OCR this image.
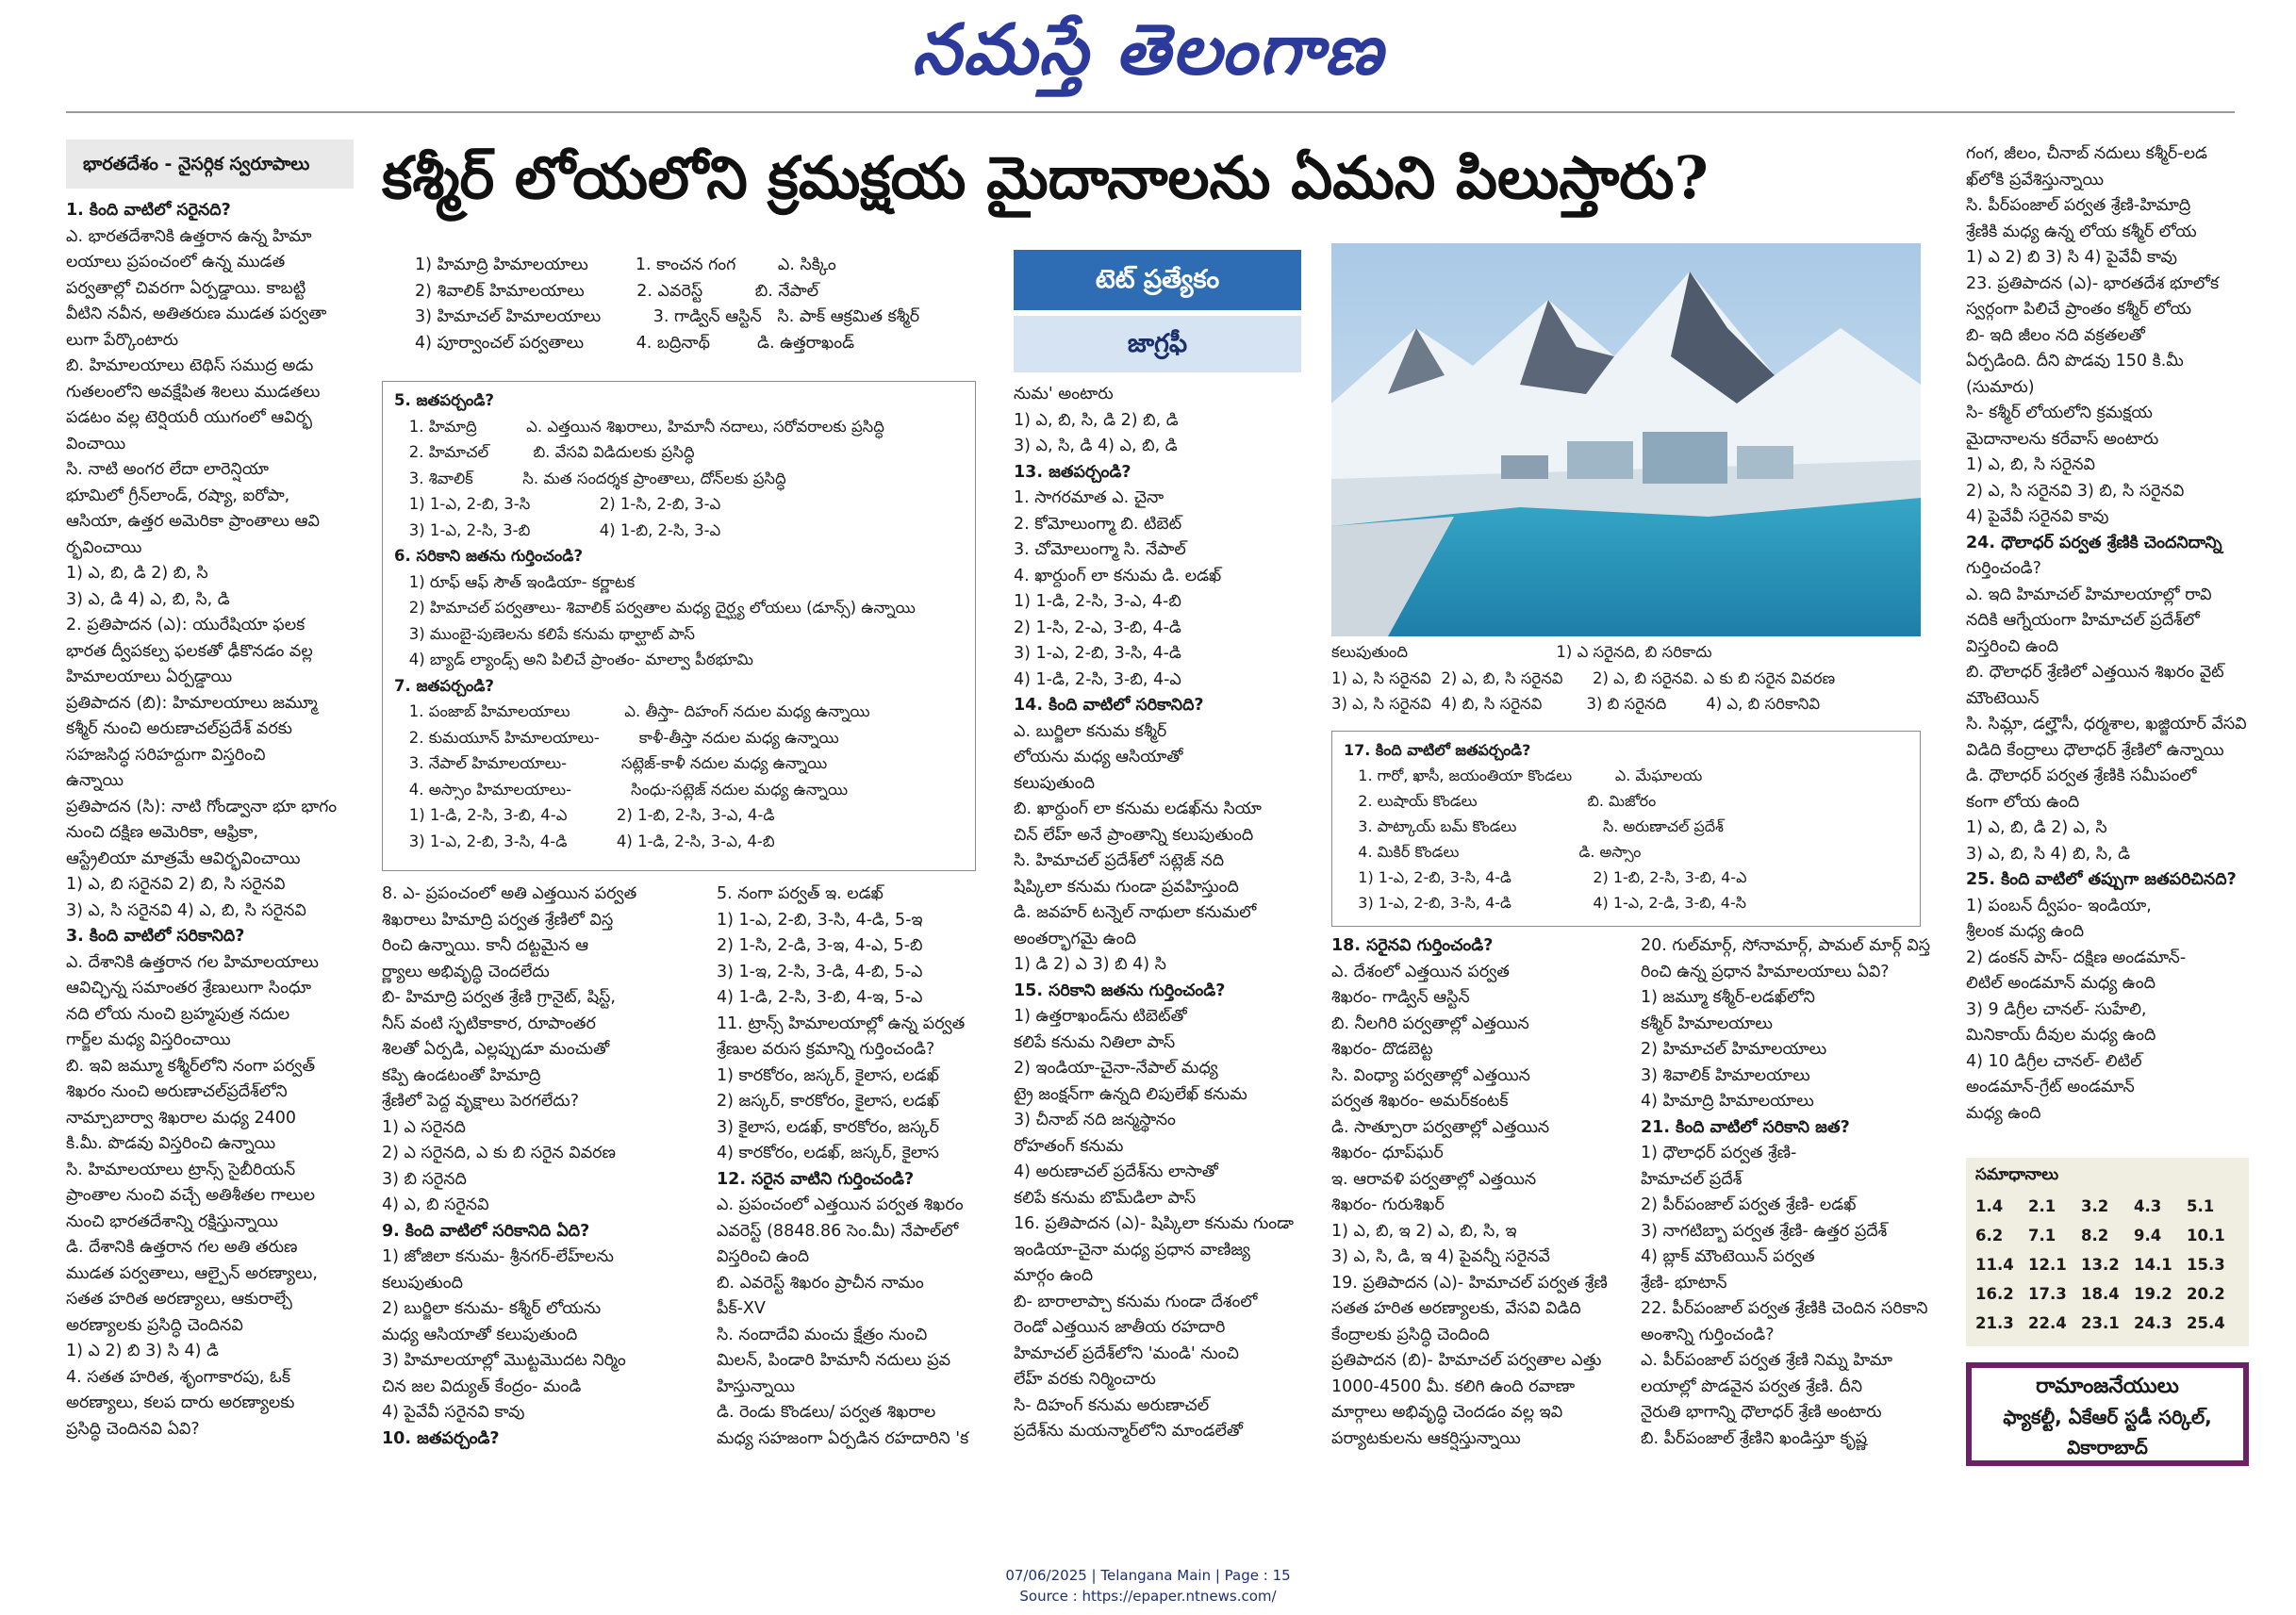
నమస్తే తెలంగాణ
భారతదేశం - నైసర్గిక స్వరూపాలు	కశ్మీర్ లోయలోని క్రమక్షయ మైదానాలను ఏమని పిలుస్తారు?

1. కింది వాటిలో సరైనది?

ఎ. భారతదేశానికి ఉత్తరాన ఉన్న హిమా

లయాలు ప్రపంచంలో ఉన్న ముడత

పర్వతాల్లో చివరగా ఏర్పడ్డాయి. కాబట్టి

వీటిని నవీన, అతితరుణ ముడత పర్వతా

లుగా పేర్కొంటారు

బి. హిమాలయాలు టెథిస్ సముద్ర అడు

గుతలంలోని అవక్షేపిత శిలలు ముడతలు

పడటం వల్ల టెర్షియరీ యుగంలో ఆవిర్భ

వించాయి

సి. నాటి అంగర లేదా లారెన్షియా

భూమిలో గ్రీన్‌లాండ్, రష్యా, ఐరోపా,

ఆసియా, ఉత్తర అమెరికా ప్రాంతాలు ఆవి

ర్భవించాయి

1) ఎ, బి, డి 2) బి, సి

3) ఎ, డి 4) ఎ, బి, సి, డి

2. ప్రతిపాదన (ఎ): యురేషియా ఫలక

భారత ద్వీపకల్ప ఫలకతో ఢీకొనడం వల్ల

హిమాలయాలు ఏర్పడ్డాయి

ప్రతిపాదన (బి): హిమాలయాలు జమ్మూ

కశ్మీర్ నుంచి అరుణాచల్‌ప్రదేశ్ వరకు

సహజసిద్ధ సరిహద్దుగా విస్తరించి

ఉన్నాయి

ప్రతిపాదన (సి): నాటి గోండ్వానా భూ భాగం

నుంచి దక్షిణ అమెరికా, ఆఫ్రికా,

ఆస్ట్రేలియా మాత్రమే ఆవిర్భవించాయి

1) ఎ, బి సరైనవి 2) బి, సి సరైనవి

3) ఎ, సి సరైనవి 4) ఎ, బి, సి సరైనవి

3. కింది వాటిలో సరికానిది?

ఎ. దేశానికి ఉత్తరాన గల హిమాలయాలు

ఆవిచ్ఛిన్న సమాంతర శ్రేణులుగా సింధూ

నది లోయ నుంచి బ్రహ్మపుత్ర నదుల

గార్జ్‌ల మధ్య విస్తరించాయి

బి. ఇవి జమ్మూ కశ్మీర్‌లోని నంగా పర్వత్

శిఖరం నుంచి అరుణాచల్‌ప్రదేశ్‌లోని

నామ్చాబార్వా శిఖరాల మధ్య 2400

కి.మీ. పొడవు విస్తరించి ఉన్నాయి

సి. హిమాలయాలు ట్రాన్స్ సైబీరియన్

ప్రాంతాల నుంచి వచ్చే అతిశీతల గాలుల

నుంచి భారతదేశాన్ని రక్షిస్తున్నాయి

డి. దేశానికి ఉత్తరాన గల అతి తరుణ

ముడత పర్వతాలు, ఆల్పైన్ అరణ్యాలు,

సతత హరిత అరణ్యాలు, ఆకురాల్చే

అరణ్యాలకు ప్రసిద్ధి చెందినవి

1) ఎ 2) బి 3) సి 4) డి

4. సతత హరిత, శృంగాకారపు, ఓక్

అరణ్యాలు, కలప దారు అరణ్యాలకు

ప్రసిద్ధి చెందినవి ఏవి?

1) హిమాద్రి హిమాలయాలు         1. కాంచన గంగ        ఎ. సిక్కిం

2) శివాలిక్ హిమాలయాలు          2. ఎవరెస్ట్          బి. నేపాల్

3) హిమాచల్ హిమాలయాలు          3. గాడ్విన్ ఆస్టిన్   సి. పాక్ ఆక్రమిత కశ్మీర్

4) పూర్వాంచల్ పర్వతాలు          4. బద్రినాథ్         డి. ఉత్తరాఖండ్

5. జతపర్చండి?

1. హిమాద్రి          ఎ. ఎత్తయిన శిఖరాలు, హిమానీ నదాలు, సరోవరాలకు ప్రసిద్ధి

2. హిమాచల్         బి. వేసవి విడిదులకు ప్రసిద్ధి

3. శివాలిక్          సి. మత సందర్శక ప్రాంతాలు, దోన్‌లకు ప్రసిద్ధి

1) 1-ఎ, 2-బి, 3-సి              2) 1-సి, 2-బి, 3-ఎ

3) 1-ఎ, 2-సి, 3-బి              4) 1-బి, 2-సి, 3-ఎ

6. సరికాని జతను గుర్తించండి?

1) రూఫ్ ఆఫ్ సౌత్ ఇండియా- కర్ణాటక

2) హిమాచల్ పర్వతాలు- శివాలిక్ పర్వతాల మధ్య దైర్ఘ్య లోయలు (డూన్స్) ఉన్నాయి

3) ముంబై-పుణెలను కలిపే కనుమ థాల్ఘాట్ పాస్

4) బ్యాడ్ ల్యాండ్స్ అని పిలిచే ప్రాంతం- మాల్వా పీఠభూమి

7. జతపర్చండి?

1. పంజాబ్ హిమాలయాలు           ఎ. తీస్తా- దిహంగ్ నదుల మధ్య ఉన్నాయి

2. కుమయూన్ హిమాలయాలు-        కాళీ-తీస్తా నదుల మధ్య ఉన్నాయి

3. నేపాల్ హిమాలయాలు-           సట్లెజ్-కాళీ నదుల మధ్య ఉన్నాయి

4. అస్సాం హిమాలయాలు-            సింధు-సట్లెజ్ నదుల మధ్య ఉన్నాయి

1) 1-డి, 2-సి, 3-బి, 4-ఎ          2) 1-బి, 2-సి, 3-ఎ, 4-డి

3) 1-ఎ, 2-బి, 3-సి, 4-డి          4) 1-డి, 2-సి, 3-ఎ, 4-బి

8. ఎ- ప్రపంచంలో అతి ఎత్తయిన పర్వత

శిఖరాలు హిమాద్రి పర్వత శ్రేణిలో విస్త

రించి ఉన్నాయి. కానీ దట్టమైన ఆ

ర్ణ్యాలు అభివృద్ధి చెందలేదు

బి- హిమాద్రి పర్వత శ్రేణి గ్రానైట్, షిస్ట్,

నీస్ వంటి స్ఫటికాకార, రూపాంతర

శిలతో ఏర్పడి, ఎల్లప్పుడూ మంచుతో

కప్పి ఉండటంతో హిమాద్రి

శ్రేణిలో పెద్ద వృక్షాలు పెరగలేదు?

1) ఎ సరైనది

2) ఎ సరైనది, ఎ కు బి సరైన వివరణ

3) బి సరైనది

4) ఎ, బి సరైనవి

9. కింది వాటిలో సరికానిది ఏది?

1) జోజిలా కనుమ- శ్రీనగర్-లేహ్‌లను

కలుపుతుంది

2) బుర్జిలా కనుమ- కశ్మీర్ లోయను

మధ్య ఆసియాతో కలుపుతుంది

3) హిమాలయాల్లో మొట్టమొదట నిర్మిం

చిన జల విద్యుత్ కేంద్రం- మండి

4) పైవేవీ సరైనవి కావు

10. జతపర్చండి?

5. నంగా పర్వత్ ఇ. లడఖ్

1) 1-ఎ, 2-బి, 3-సి, 4-డి, 5-ఇ

2) 1-సి, 2-డి, 3-ఇ, 4-ఎ, 5-బి

3) 1-ఇ, 2-సి, 3-డి, 4-బి, 5-ఎ

4) 1-డి, 2-సి, 3-బి, 4-ఇ, 5-ఎ

11. ట్రాన్స్ హిమాలయాల్లో ఉన్న పర్వత

శ్రేణుల వరుస క్రమాన్ని గుర్తించండి?

1) కారకోరం, జస్కర్, కైలాస, లడఖ్

2) జస్కర్, కారకోరం, కైలాస, లడఖ్

3) కైలాస, లడఖ్, కారకోరం, జస్కర్

4) కారకోరం, లడఖ్, జస్కర్, కైలాస

12. సరైన వాటిని గుర్తించండి?

ఎ. ప్రపంచంలో ఎత్తయిన పర్వత శిఖరం

ఎవరెస్ట్ (8848.86 సెం.మీ) నేపాల్‌లో

విస్తరించి ఉంది

బి. ఎవరెస్ట్ శిఖరం ప్రాచీన నామం

పీక్-XV

సి. నందాదేవి మంచు క్షేత్రం నుంచి

మిలన్, పిండారి హిమానీ నదులు ప్రవ

హిస్తున్నాయి

డి. రెండు కొండలు/ పర్వత శిఖరాల

మధ్య సహజంగా ఏర్పడిన రహదారిని 'క

టెట్ ప్రత్యేకం
జాగ్రఫీ

నుమ' అంటారు

1) ఎ, బి, సి, డి 2) బి, డి

3) ఎ, సి, డి 4) ఎ, బి, డి

13. జతపర్చండి?

1. సాగరమాత ఎ. చైనా

2. కోమోలుంగ్మా బి. టిబెట్

3. చోమోలుంగ్మా సి. నేపాల్

4. ఖార్దుంగ్ లా కనుమ డి. లడఖ్

1) 1-డి, 2-సి, 3-ఎ, 4-బి

2) 1-సి, 2-ఎ, 3-బి, 4-డి

3) 1-ఎ, 2-బి, 3-సి, 4-డి

4) 1-డి, 2-సి, 3-బి, 4-ఎ

14. కింది వాటిలో సరికానిది?

ఎ. బుర్జిలా కనుమ కశ్మీర్

లోయను మధ్య ఆసియాతో

కలుపుతుంది

బి. ఖార్దుంగ్ లా కనుమ లడఖ్‌ను సియా

చిన్ లేహ్ అనే ప్రాంతాన్ని కలుపుతుంది

సి. హిమాచల్ ప్రదేశ్‌లో సట్లెజ్ నది

షిప్కిలా కనుమ గుండా ప్రవహిస్తుంది

డి. జవహర్ టన్నెల్ నాథులా కనుమలో

అంతర్భాగమై ఉంది

1) డి 2) ఎ 3) బి 4) సి

15. సరికాని జతను గుర్తించండి?

1) ఉత్తరాఖండ్‌ను టిబెట్‌తో

కలిపే కనుమ నితిలా పాస్

2) ఇండియా-చైనా-నేపాల్ మధ్య

ట్రై జంక్షన్‌గా ఉన్నది లిపులేఖ్ కనుమ

3) చీనాబ్ నది జన్మస్థానం

రోహతంగ్ కనుమ

4) అరుణాచల్ ప్రదేశ్‌ను లాసాతో

కలిపే కనుమ బొమ్‌డిలా పాస్

16. ప్రతిపాదన (ఎ)- షిప్కిలా కనుమ గుండా

ఇండియా-చైనా మధ్య ప్రధాన వాణిజ్య

మార్గం ఉంది

బి- బారాలాప్చా కనుమ గుండా దేశంలో

రెండో ఎత్తయిన జాతీయ రహదారి

హిమాచల్ ప్రదేశ్‌లోని 'మండి' నుంచి

లేహ్ వరకు నిర్మించారు

సి- దిహంగ్ కనుమ అరుణాచల్

ప్రదేశ్‌ను మయన్మార్‌లోని మాండలేతో

కలుపుతుంది                              1) ఎ సరైనది, బి సరికాదు

1) ఎ, సి సరైనవి  2) ఎ, బి, సి సరైనవి      2) ఎ, బి సరైనవి. ఎ కు బి సరైన వివరణ

3) ఎ, సి సరైనవి  4) బి, సి సరైనవి         3) బి సరైనది        4) ఎ, బి సరికానివి

17. కింది వాటిలో జతపర్చండి?

1. గారో, ఖాసీ, జయంతియా కొండలు         ఎ. మేఘాలయ

2. లుషాయ్ కొండలు                       బి. మిజోరం

3. పాట్కాయ్ బమ్ కొండలు                  సి. అరుణాచల్ ప్రదేశ్

4. మికిర్ కొండలు                         డి. అస్సాం

1) 1-ఎ, 2-బి, 3-సి, 4-డి                 2) 1-బి, 2-సి, 3-బి, 4-ఎ

3) 1-ఎ, 2-బి, 3-సి, 4-డి                 4) 1-ఎ, 2-డి, 3-బి, 4-సి

18. సరైనవి గుర్తించండి?

ఎ. దేశంలో ఎత్తయిన పర్వత

శిఖరం- గాడ్విన్ ఆస్టిన్

బి. నీలగిరి పర్వతాల్లో ఎత్తయిన

శిఖరం- దొడబెట్ట

సి. వింధ్యా పర్వతాల్లో ఎత్తయిన

పర్వత శిఖరం- అమర్‌కంటక్

డి. సాత్పూరా పర్వతాల్లో ఎత్తయిన

శిఖరం- ధూప్‌ఘర్

ఇ. ఆరావళి పర్వతాల్లో ఎత్తయిన

శిఖరం- గురుశిఖర్

1) ఎ, బి, ఇ 2) ఎ, బి, సి, ఇ

3) ఎ, సి, డి, ఇ 4) పైవన్నీ సరైనవే

19. ప్రతిపాదన (ఎ)- హిమాచల్ పర్వత శ్రేణి

సతత హరిత అరణ్యాలకు, వేసవి విడిది

కేంద్రాలకు ప్రసిద్ధి చెందింది

ప్రతిపాదన (బి)- హిమాచల్ పర్వతాల ఎత్తు

1000-4500 మీ. కలిగి ఉంది రవాణా

మార్గాలు అభివృద్ధి చెందడం వల్ల ఇవి

పర్యాటకులను ఆకర్షిస్తున్నాయి

20. గుల్‌మార్గ్, సోనామార్గ్, పామల్ మార్గ్ విస్త

రించి ఉన్న ప్రధాన హిమాలయాలు ఏవి?

1) జమ్మూ కశ్మీర్-లడఖ్‌లోని

కశ్మీర్ హిమాలయాలు

2) హిమాచల్ హిమాలయాలు

3) శివాలిక్ హిమాలయాలు

4) హిమాద్రి హిమాలయాలు

21. కింది వాటిలో సరికాని జత?

1) ధౌలాధర్ పర్వత శ్రేణి-

హిమాచల్ ప్రదేశ్

2) పీర్‌పంజాల్ పర్వత శ్రేణి- లడఖ్

3) నాగటిబ్బా పర్వత శ్రేణి- ఉత్తర ప్రదేశ్

4) బ్లాక్ మౌంటెయిన్ పర్వత

శ్రేణి- భూటాన్

22. పీర్‌పంజాల్ పర్వత శ్రేణికి చెందిన సరికాని

అంశాన్ని గుర్తించండి?

ఎ. పీర్‌పంజాల్ పర్వత శ్రేణి నిమ్న హిమా

లయాల్లో పొడవైన పర్వత శ్రేణి. దీని

నైరుతి భాగాన్ని ధౌలాధర్ శ్రేణి అంటారు

బి. పీర్‌పంజాల్ శ్రేణిని ఖండిస్తూ కృష్ణ

గంగ, జీలం, చీనాబ్ నదులు కశ్మీర్-లడ

ఖ్‌లోకి ప్రవేశిస్తున్నాయి

సి. పీర్‌పంజాల్ పర్వత శ్రేణి-హిమాద్రి

శ్రేణికి మధ్య ఉన్న లోయ కశ్మీర్ లోయ

1) ఎ 2) బి 3) సి 4) పైవేవీ కావు

23. ప్రతిపాదన (ఎ)- భారతదేశ భూలోక

స్వర్గంగా పిలిచే ప్రాంతం కశ్మీర్ లోయ

బి- ఇది జీలం నది వక్రతలతో

ఏర్పడింది. దీని పొడవు 150 కి.మీ

(సుమారు)

సి- కశ్మీర్ లోయలోని క్రమక్షయ

మైదానాలను కరేవాస్ అంటారు

1) ఎ, బి, సి సరైనవి

2) ఎ, సి సరైనవి 3) బి, సి సరైనవి

4) పైవేవీ సరైనవి కావు

24. ధౌలాధర్ పర్వత శ్రేణికి చెందనిదాన్ని

గుర్తించండి?

ఎ. ఇది హిమాచల్ హిమాలయాల్లో రావి

నదికి ఆగ్నేయంగా హిమాచల్ ప్రదేశ్‌లో

విస్తరించి ఉంది

బి. ధౌలాధర్ శ్రేణిలో ఎత్తయిన శిఖరం వైట్

మౌంటెయిన్

సి. సిమ్లా, డల్హౌసీ, ధర్మశాల, ఖజ్జియార్ వేసవి

విడిది కేంద్రాలు ధౌలాధర్ శ్రేణిలో ఉన్నాయి

డి. ధౌలాధర్ పర్వత శ్రేణికి సమీపంలో

కంగా లోయ ఉంది

1) ఎ, బి, డి 2) ఎ, సి

3) ఎ, బి, సి 4) బి, సి, డి

25. కింది వాటిలో తప్పుగా జతపరిచినది?

1) పంబన్ ద్వీపం- ఇండియా,

శ్రీలంక మధ్య ఉంది

2) డంకన్ పాస్- దక్షిణ అండమాన్-

లిటిల్ అండమాన్ మధ్య ఉంది

3) 9 డిగ్రీల చానల్- సుహేలి,

మినికాయ్ దీవుల మధ్య ఉంది

4) 10 డిగ్రీల చానల్- లిటిల్

అండమాన్-గ్రేట్ అండమాన్

మధ్య ఉంది

సమాధానాలు
1.4	2.1	3.2	4.3	5.1
6.2	7.1	8.2	9.4	10.1
11.4 12.1 13.2 14.1 15.3
16.2 17.3 18.4 19.2 20.2
21.3 22.4 23.1 24.3 25.4
రామాంజనేయులు
ఫ్యాకల్టీ, ఏకేఆర్ స్టడీ సర్కిల్,
వికారాబాద్
07/06/2025 | Telangana Main | Page : 15
Source : https://epaper.ntnews.com/
